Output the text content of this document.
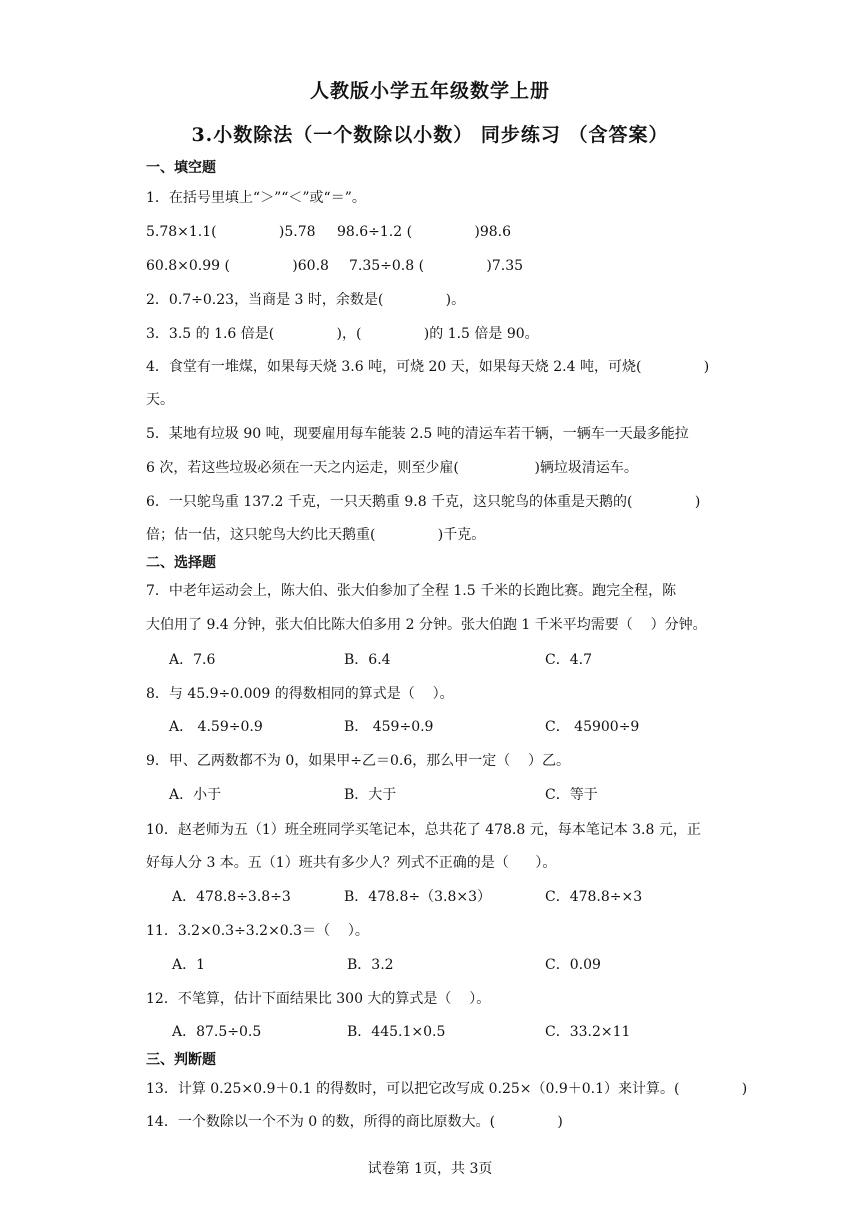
人教版小学五年级数学上册
3.小数除法（一个数除以小数） 同步练习 （含答案）
一、填空题
1．在括号里填上“＞”“＜”或“＝”。
5.78×1.1(              )5.78 98.6÷1.2 (              )98.6
60.8×0.99 (              )60.8 7.35÷0.8 (              )7.35
2．0.7÷0.23，当商是 3 时，余数是(              )。
3．3.5 的 1.6 倍是(              )，(              )的 1.5 倍是 90。
4．食堂有一堆煤，如果每天烧 3.6 吨，可烧 20 天，如果每天烧 2.4 吨，可烧(              )
天。
5．某地有垃圾 90 吨，现要雇用每车能装 2.5 吨的清运车若干辆，一辆车一天最多能拉
6 次，若这些垃圾必须在一天之内运走，则至少雇(                 )辆垃圾清运车。
6．一只鸵鸟重 137.2 千克，一只天鹅重 9.8 千克，这只鸵鸟的体重是天鹅的(              )
倍；估一估，这只鸵鸟大约比天鹅重(              )千克。
二、选择题
7．中老年运动会上，陈大伯、张大伯参加了全程 1.5 千米的长跑比赛。跑完全程，陈
大伯用了 9.4 分钟，张大伯比陈大伯多用 2 分钟。张大伯跑 1 千米平均需要（    ）分钟。
A．7.6	B．6.4	C．4.7
8．与 45.9÷0.009 的得数相同的算式是（    ）。
A． 4.59÷0.9	B． 459÷0.9	C． 45900÷9
9．甲、乙两数都不为 0，如果甲÷乙＝0.6，那么甲一定（    ）乙。
A．小于	B．大于	C．等于
10．赵老师为五（1）班全班同学买笔记本，总共花了 478.8 元，每本笔记本 3.8 元，正
好每人分 3 本。五（1）班共有多少人？列式不正确的是（      ）。
A．478.8÷3.8÷3	B．478.8÷（3.8×3）	C．478.8÷×3
11．3.2×0.3÷3.2×0.3＝（    ）。
A．1	B．3.2	C．0.09
12．不笔算，估计下面结果比 300 大的算式是（    ）。
A．87.5÷0.5	B．445.1×0.5	C．33.2×11
三、判断题
13．计算 0.25×0.9＋0.1 的得数时，可以把它改写成 0.25×（0.9＋0.1）来计算。(              )
14．一个数除以一个不为 0 的数，所得的商比原数大。(              )
试卷第 1页，共 3页
